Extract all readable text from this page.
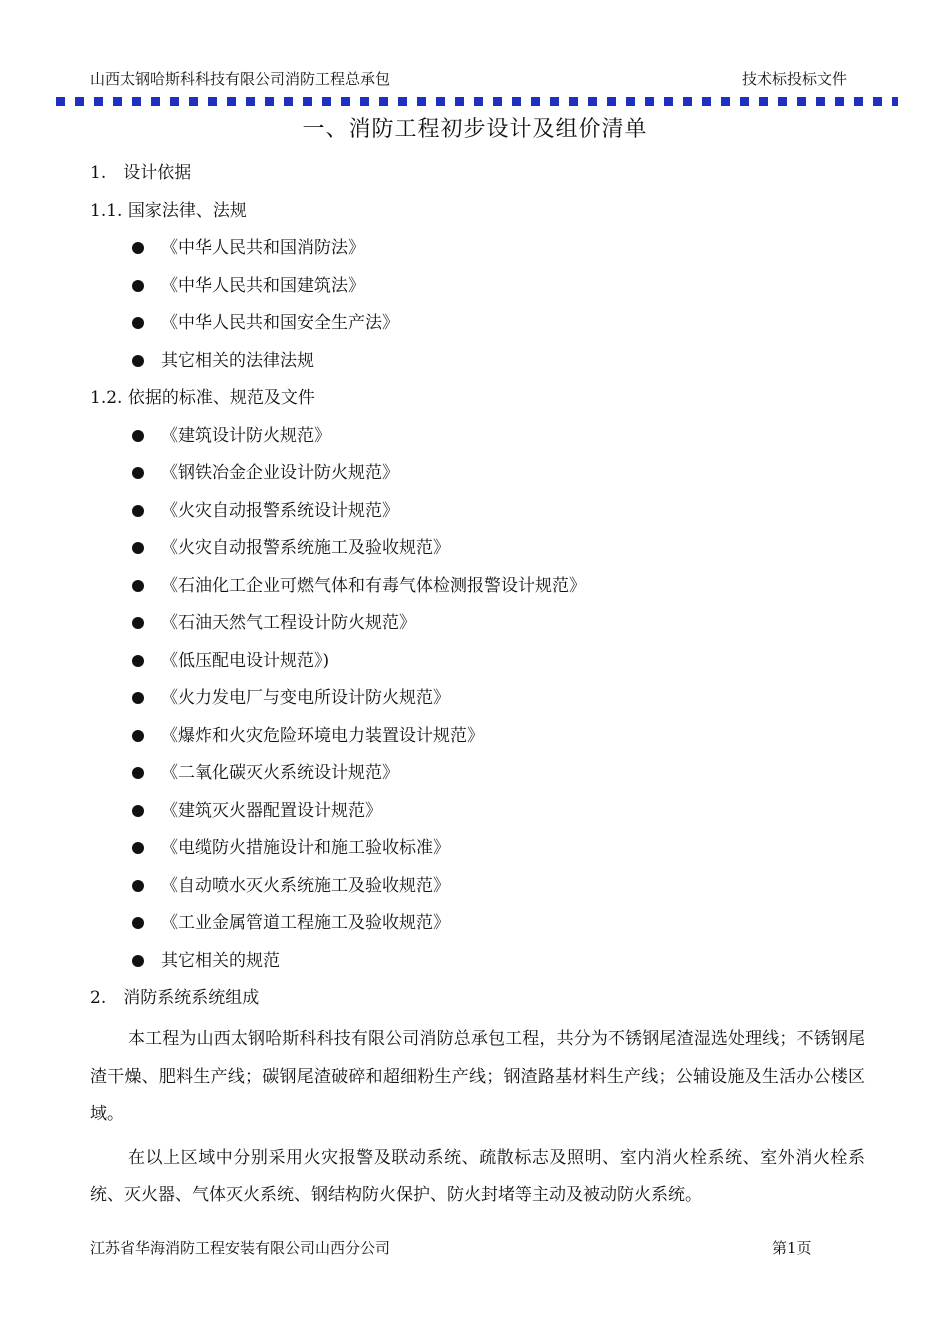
山西太钢哈斯科科技有限公司消防工程总承包	技术标投标文件
一、消防工程初步设计及组价清单
1.　设计依据
1.1. 国家法律、法规
《中华人民共和国消防法》
《中华人民共和国建筑法》
《中华人民共和国安全生产法》
其它相关的法律法规
1.2. 依据的标准、规范及文件
《建筑设计防火规范》
《钢铁冶金企业设计防火规范》
《火灾自动报警系统设计规范》
《火灾自动报警系统施工及验收规范》
《石油化工企业可燃气体和有毒气体检测报警设计规范》
《石油天然气工程设计防火规范》
《低压配电设计规范》)
《火力发电厂与变电所设计防火规范》
《爆炸和火灾危险环境电力装置设计规范》
《二氧化碳灭火系统设计规范》
《建筑灭火器配置设计规范》
《电缆防火措施设计和施工验收标准》
《自动喷水灭火系统施工及验收规范》
《工业金属管道工程施工及验收规范》
其它相关的规范
2.　消防系统系统组成

本工程为山西太钢哈斯科科技有限公司消防总承包工程，共分为不锈钢尾渣湿选处理线；不锈钢尾渣干燥、肥料生产线；碳钢尾渣破碎和超细粉生产线；钢渣路基材料生产线；公辅设施及生活办公楼区域。

在以上区域中分别采用火灾报警及联动系统、疏散标志及照明、室内消火栓系统、室外消火栓系统、灭火器、气体灭火系统、钢结构防火保护、防火封堵等主动及被动防火系统。

江苏省华海消防工程安装有限公司山西分公司	第1页
